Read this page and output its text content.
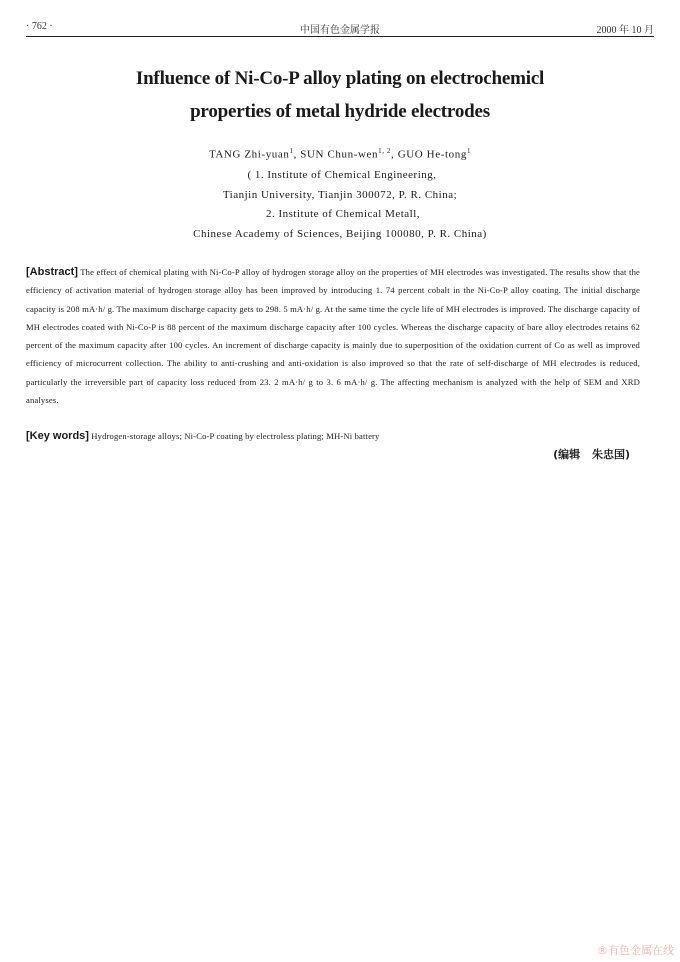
· 762 ·	中国有色金属学报	2000 年 10 月
Influence of Ni-Co-P alloy plating on electrochemicl
properties of metal hydride electrodes
TANG Zhi-yuan$^1$, SUN Chun-wen$^{1, 2}$, GUO He-tong$^1$
( 1. Institute of Chemical Engineering,
Tianjin University, Tianjin 300072, P. R. China;
2. Institute of Chemical Metall,
Chinese Academy of Sciences, Beijing 100080, P. R. China)
[Abstract] The effect of chemical plating with Ni-Co-P alloy of hydrogen storage alloy on the properties of MH electrodes was investigated. The results show that the efficiency of activation material of hydrogen storage alloy has been improved by introducing 1. 74 percent cobalt in the Ni-Co-P alloy coating. The initial discharge capacity is 208 mA·h/ g. The maximum discharge capacity gets to 298. 5 mA·h/ g. At the same time the cycle life of MH electrodes is improved. The discharge capacity of MH electrodes coated with Ni-Co-P is 88 percent of the maximum discharge capacity after 100 cycles. Whereas the discharge capacity of bare alloy electrodes retains 62 percent of the maximum capacity after 100 cycles. An increment of discharge capacity is mainly due to superposition of the oxidation current of Co as well as improved efficiency of microcurrent collection. The ability to anti-crushing and anti-oxidation is also improved so that the rate of self-discharge of MH electrodes is reduced, particularly the irreversible part of capacity loss reduced from 23. 2 mA·h/ g to 3. 6 mA·h/ g. The affecting mechanism is analyzed with the help of SEM and XRD analyses.
[Key words] Hydrogen-storage alloys; Ni-Co-P coating by electroless plating; MH-Ni battery
(编辑 朱忠国)
®有色金属在线
